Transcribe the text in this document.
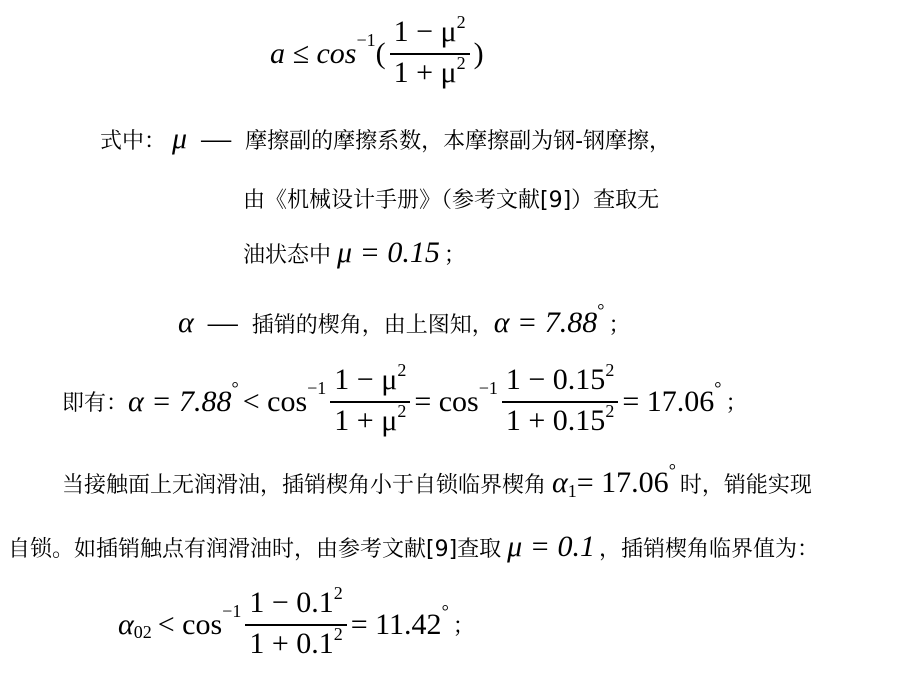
a ≤ cos −1 ( $\frac{1 - \mu^2}{1 + \mu^2}$ )
式中： μ — 摩擦副的摩擦系数，本摩擦副为钢-钢摩擦，
由《机械设计手册》（参考文献[9]）查取无
油状态中 μ = 0.15 ；
α — 插销的楔角，由上图知， α = 7.88 °
；
即有： α = 7.88 ° < $\cos -1 \frac{1 - \mu^2}{1 + \mu^2} = \cos -1 \frac{1 - 0.15^2}{1 + 0.15^2} = 17.06$ °
；
当接触面上无润滑油，插销楔角小于自锁临界楔角 α 1 = 17.06 °
时，销能实现
自锁。如插销触点有润滑油时，由参考文献[9]查取 μ = 0.1 ，插销楔角临界值为：
α $02 < \cos -1 \frac{1 - 0.1^2}{1 + 0.1^2} = 11.42$ °
；
